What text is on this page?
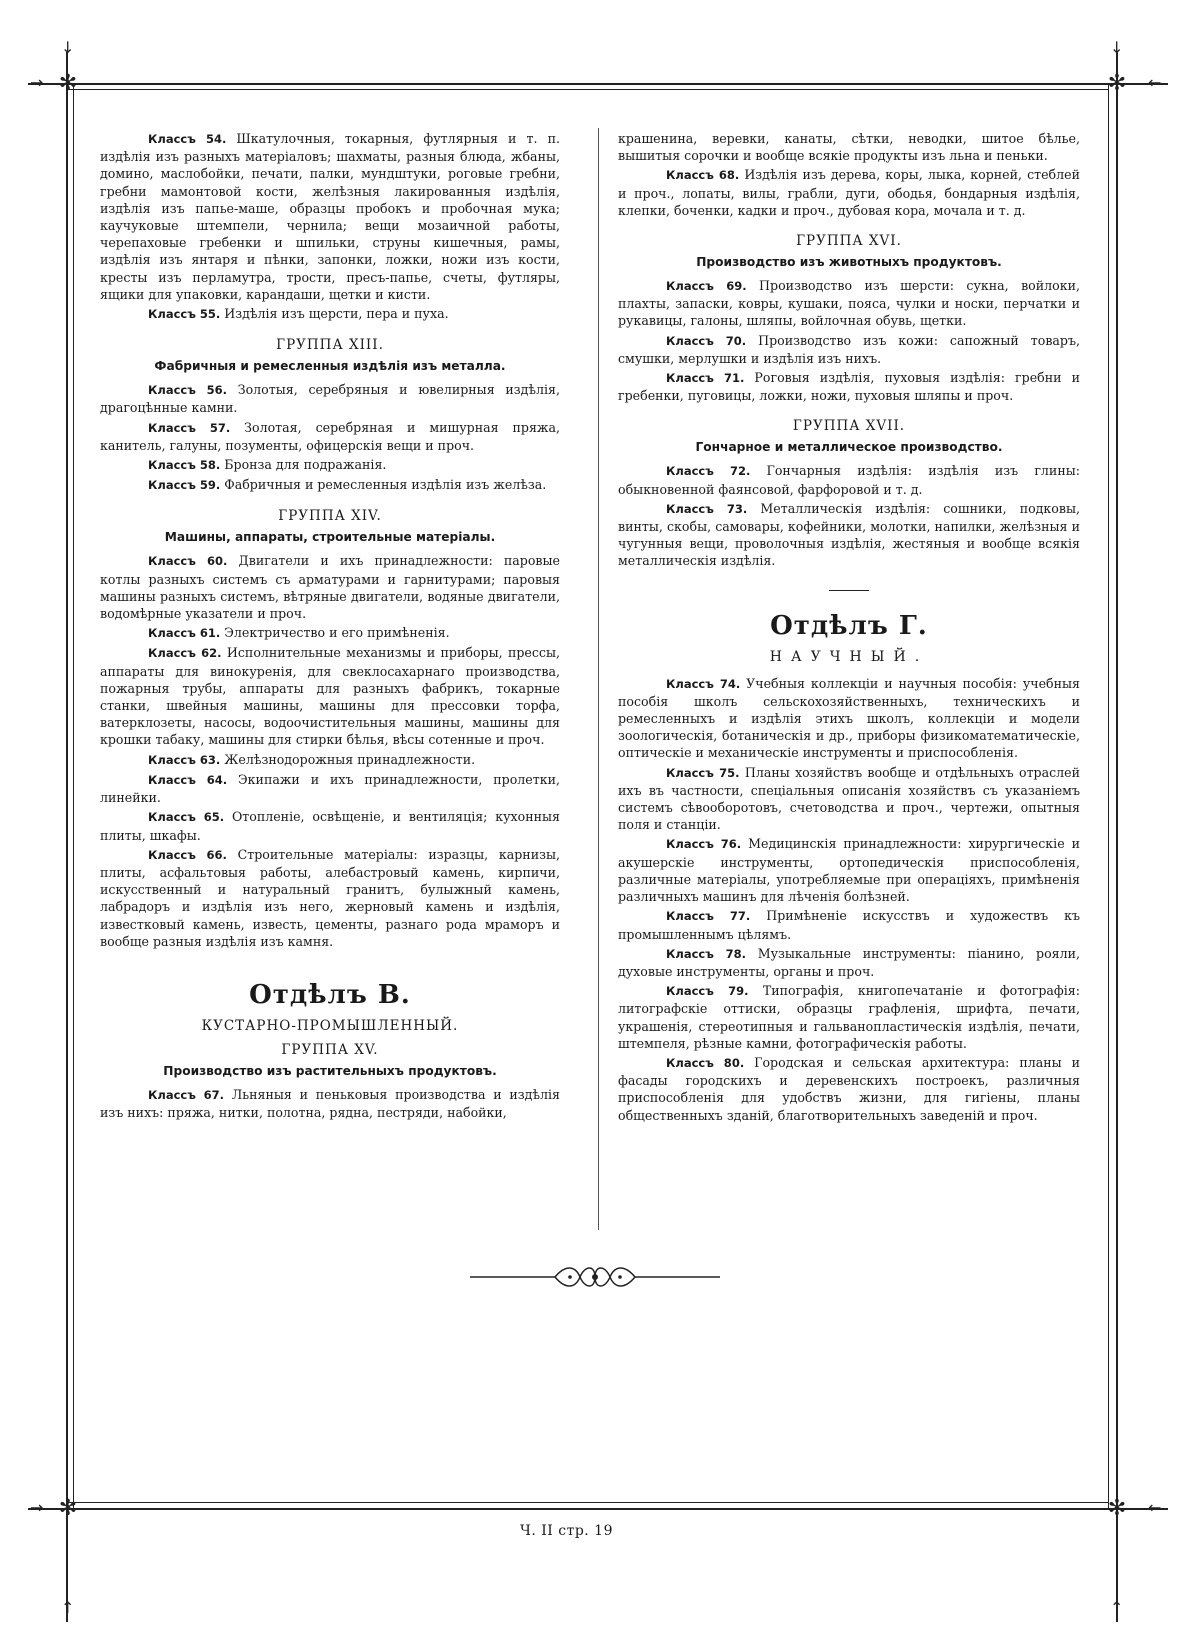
✻	✻
✻	✻
↓	↓
↑	↑
→	←
→	←

Классъ 54. Шкатулочныя, токарныя, футлярныя и т. п. издѣлія изъ разныхъ матеріаловъ; шахматы, разныя блюда, жбаны, домино, маслобойки, печати, палки, мундштуки, роговые гребни, гребни мамонтовой кости, желѣзныя лакированныя издѣлія, издѣлія изъ папье-маше, образцы пробокъ и пробочная мука; каучуковые штемпели, чернила; вещи мозаичной работы, черепаховые гребенки и шпильки, струны кишечныя, рамы, издѣлія изъ янтаря и пѣнки, запонки, ложки, ножи изъ кости, кресты изъ перламутра, трости, пресъ-папье, счеты, футляры, ящики для упаковки, карандаши, щетки и кисти.

Классъ 55. Издѣлія изъ щерсти, пера и пуха.

ГРУППА XIII.
Фабричныя и ремесленныя издѣлія изъ металла.

Классъ 56. Золотыя, серебряныя и ювелирныя издѣлія, драгоцѣнные камни.

Классъ 57. Золотая, серебряная и мишурная пряжа, канитель, галуны, позументы, офицерскія вещи и проч.

Классъ 58. Бронза для подражанія.

Классъ 59. Фабричныя и ремесленныя издѣлія изъ желѣза.

ГРУППА XIV.
Машины, аппараты, строительные матеріалы.

Классъ 60. Двигатели и ихъ принадлежности: паровые котлы разныхъ системъ съ арматурами и гарнитурами; паровыя машины разныхъ системъ, вѣтряные двигатели, водяные двигатели, водомѣрные указатели и проч.

Классъ 61. Электричество и его примѣненія.

Классъ 62. Исполнительные механизмы и приборы, прессы, аппараты для винокуренія, для свеклосахарнаго производства, пожарныя трубы, аппараты для разныхъ фабрикъ, токарные станки, швейныя машины, машины для прессовки торфа, ватерклозеты, насосы, водоочистительныя машины, машины для крошки табаку, машины для стирки бѣлья, вѣсы сотенные и проч.

Классъ 63. Желѣзнодорожныя принадлежности.

Классъ 64. Экипажи и ихъ принадлежности, пролетки, линейки.

Классъ 65. Отопленіе, освѣщеніе, и вентиляція; кухонныя плиты, шкафы.

Классъ 66. Строительные матеріалы: изразцы, карнизы, плиты, асфальтовыя работы, алебастровый камень, кирпичи, искусственный и натуральный гранитъ, булыжный камень, лабрадоръ и издѣлія изъ него, жерновый камень и издѣлія, известковый камень, известь, цементы, разнаго рода мраморъ и вообще разныя издѣлія изъ камня.

Отдѣлъ В.
КУСТАРНО-ПРОМЫШЛЕННЫЙ.
ГРУППА XV.
Производство изъ растительныхъ продуктовъ.

Классъ 67. Льняныя и пеньковыя производства и издѣлія изъ нихъ: пряжа, нитки, полотна, рядна, пестряди, набойки,

крашенина, веревки, канаты, сѣтки, неводки, шитое бѣлье, вышитыя сорочки и вообще всякіе продукты изъ льна и пеньки.

Классъ 68. Издѣлія изъ дерева, коры, лыка, корней, стеблей и проч., лопаты, вилы, грабли, дуги, ободья, бондарныя издѣлія, клепки, боченки, кадки и проч., дубовая кора, мочала и т. д.

ГРУППА XVI.
Производство изъ животныхъ продуктовъ.

Классъ 69. Производство изъ шерсти: сукна, войлоки, плахты, запаски, ковры, кушаки, пояса, чулки и носки, перчатки и рукавицы, галоны, шляпы, войлочная обувь, щетки.

Классъ 70. Производство изъ кожи: сапожный товаръ, смушки, мерлушки и издѣлія изъ нихъ.

Классъ 71. Роговыя издѣлія, пуховыя издѣлія: гребни и гребенки, пуговицы, ложки, ножи, пуховыя шляпы и проч.

ГРУППА XVII.
Гончарное и металлическое производство.

Классъ 72. Гончарныя издѣлія: издѣлія изъ глины: обыкновенной фаянсовой, фарфоровой и т. д.

Классъ 73. Металлическія издѣлія: сошники, подковы, винты, скобы, самовары, кофейники, молотки, напилки, желѣзныя и чугунныя вещи, проволочныя издѣлія, жестяныя и вообще всякія металлическія издѣлія.

Отдѣлъ Г.
НАУЧНЫЙ.

Классъ 74. Учебныя коллекціи и научныя пособія: учебныя пособія школъ сельскохозяйственныхъ, техническихъ и ремесленныхъ и издѣлія этихъ школъ, коллекціи и модели зоологическія, ботаническія и др., приборы физикоматематическіе, оптическіе и механическіе инструменты и приспособленія.

Классъ 75. Планы хозяйствъ вообще и отдѣльныхъ отраслей ихъ въ частности, спеціальныя описанія хозяйствъ съ указаніемъ системъ сѣвооборотовъ, счетоводства и проч., чертежи, опытныя поля и станціи.

Классъ 76. Медицинскія принадлежности: хирургическіе и акушерскіе инструменты, ортопедическія приспособленія, различные матеріалы, употребляемые при операціяхъ, примѣненія различныхъ машинъ для лѣченія болѣзней.

Классъ 77. Примѣненіе искусствъ и художествъ къ промышленнымъ цѣлямъ.

Классъ 78. Музыкальные инструменты: піанино, рояли, духовые инструменты, органы и проч.

Классъ 79. Типографія, книгопечатаніе и фотографія: литографскіе оттиски, образцы графленія, шрифта, печати, украшенія, стереотипныя и гальванопластическія издѣлія, печати, штемпеля, рѣзные камни, фотографическія работы.

Классъ 80. Городская и сельская архитектура: планы и фасады городскихъ и деревенскихъ построекъ, различныя приспособленія для удобствъ жизни, для гигіены, планы общественныхъ зданій, благотворительныхъ заведеній и проч.

Ч. II стр. 19
